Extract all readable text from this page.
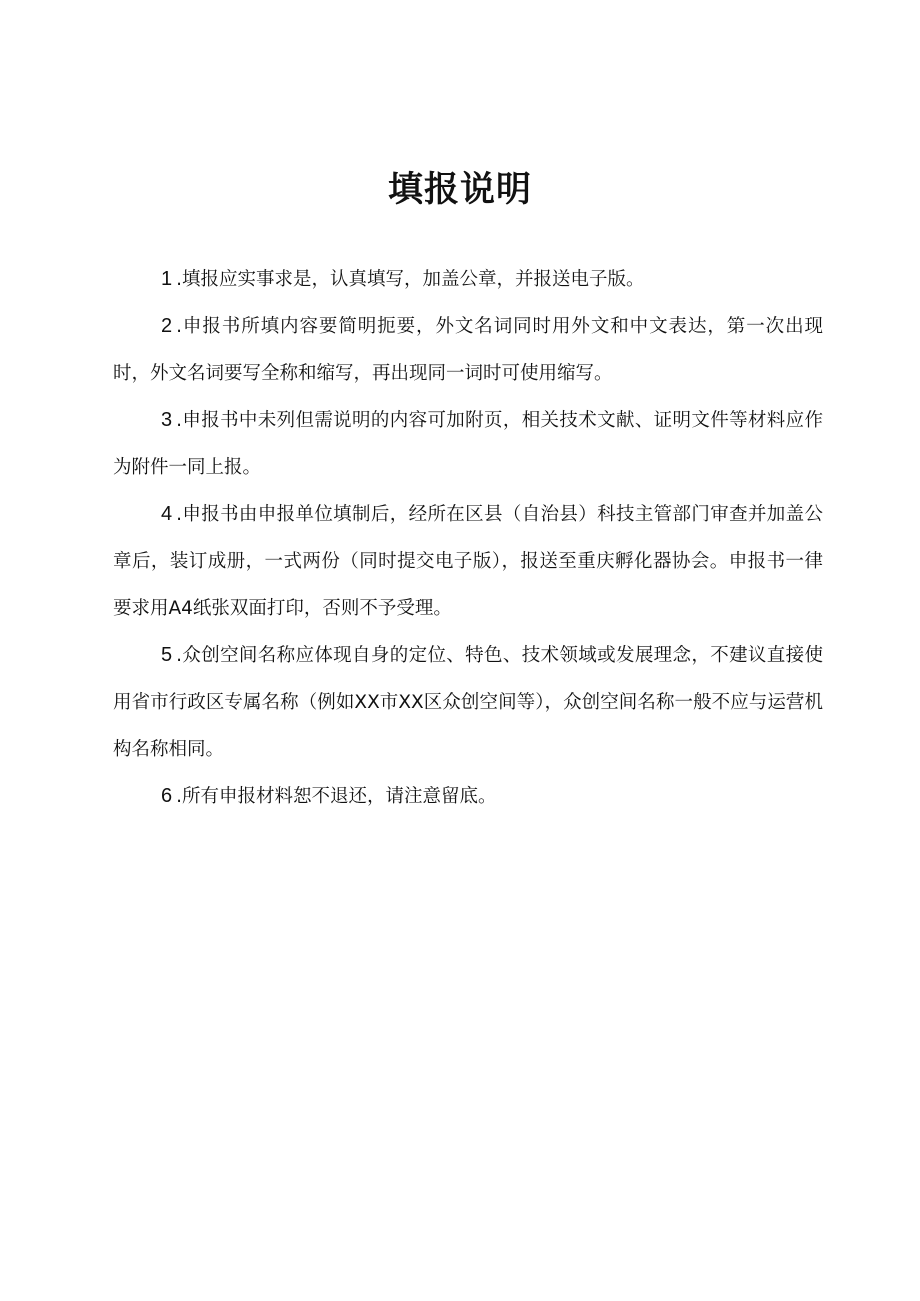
填报说明
1 .填报应实事求是，认真填写，加盖公章，并报送电子版。
2 .申报书所填内容要简明扼要，外文名词同时用外文和中文表达，第一次出现时，外文名词要写全称和缩写，再出现同一词时可使用缩写。
3 .申报书中未列但需说明的内容可加附页，相关技术文献、证明文件等材料应作为附件一同上报。
4 .申报书由申报单位填制后，经所在区县（自治县）科技主管部门审查并加盖公章后，装订成册，一式两份（同时提交电子版），报送至重庆孵化器协会。申报书一律要求用A4纸张双面打印，否则不予受理。
5 .众创空间名称应体现自身的定位、特色、技术领域或发展理念，不建议直接使用省市行政区专属名称（例如XX市XX区众创空间等），众创空间名称一般不应与运营机构名称相同。
6 .所有申报材料恕不退还，请注意留底。
